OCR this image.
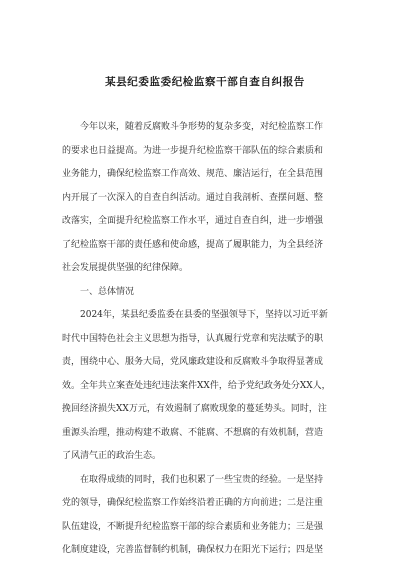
某县纪委监委纪检监察干部自查自纠报告
今年以来，随着反腐败斗争形势的复杂多变，对纪检监察工作
的要求也日益提高。为进一步提升纪检监察干部队伍的综合素质和
业务能力，确保纪检监察工作高效、规范、廉洁运行，在全县范围
内开展了一次深入的自查自纠活动。通过自我剖析、查摆问题、整
改落实，全面提升纪检监察工作水平，通过自查自纠，进一步增强
了纪检监察干部的责任感和使命感，提高了履职能力，为全县经济
社会发展提供坚强的纪律保障。
一、总体情况
2024年，某县纪委监委在县委的坚强领导下，坚持以习近平新
时代中国特色社会主义思想为指导，认真履行党章和宪法赋予的职
责，围绕中心、服务大局，党风廉政建设和反腐败斗争取得显著成
效。全年共立案查处违纪违法案件XX件，给予党纪政务处分XX人，
挽回经济损失XX万元，有效遏制了腐败现象的蔓延势头。同时，注
重源头治理，推动构建不敢腐、不能腐、不想腐的有效机制，营造
了风清气正的政治生态。
在取得成绩的同时，我们也积累了一些宝贵的经验。一是坚持
党的领导，确保纪检监察工作始终沿着正确的方向前进；二是注重
队伍建设，不断提升纪检监察干部的综合素质和业务能力；三是强
化制度建设，完善监督制约机制，确保权力在阳光下运行；四是坚
